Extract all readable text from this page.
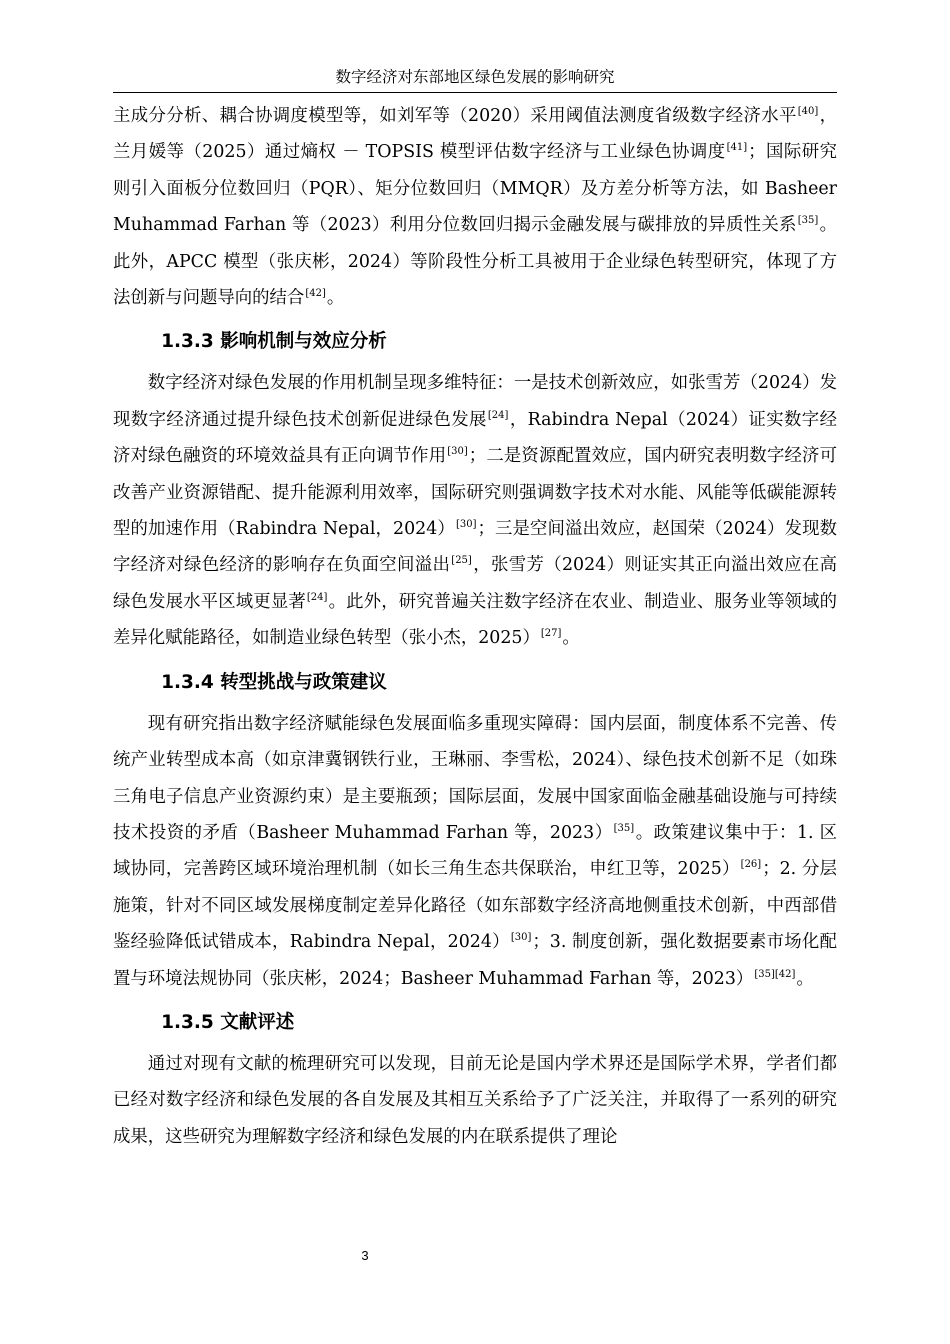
数字经济对东部地区绿色发展的影响研究

主成分分析、耦合协调度模型等，如刘军等（2020）采用阈值法测度省级数字经济水平[40]，兰月媛等（2025）通过熵权 － TOPSIS 模型评估数字经济与工业绿色协调度[41]；国际研究则引入面板分位数回归（PQR）、矩分位数回归（MMQR）及方差分析等方法，如 Basheer Muhammad Farhan 等（2023）利用分位数回归揭示金融发展与碳排放的异质性关系[35]。此外，APCC 模型（张庆彬，2024）等阶段性分析工具被用于企业绿色转型研究，体现了方法创新与问题导向的结合[42]。

1.3.3 影响机制与效应分析

数字经济对绿色发展的作用机制呈现多维特征：一是技术创新效应，如张雪芳（2024）发现数字经济通过提升绿色技术创新促进绿色发展[24]，Rabindra Nepal（2024）证实数字经济对绿色融资的环境效益具有正向调节作用[30]；二是资源配置效应，国内研究表明数字经济可改善产业资源错配、提升能源利用效率，国际研究则强调数字技术对水能、风能等低碳能源转型的加速作用（Rabindra Nepal，2024）[30]；三是空间溢出效应，赵国荣（2024）发现数字经济对绿色经济的影响存在负面空间溢出[25]，张雪芳（2024）则证实其正向溢出效应在高绿色发展水平区域更显著[24]。此外，研究普遍关注数字经济在农业、制造业、服务业等领域的差异化赋能路径，如制造业绿色转型（张小杰，2025）[27]。

1.3.4 转型挑战与政策建议

现有研究指出数字经济赋能绿色发展面临多重现实障碍：国内层面，制度体系不完善、传统产业转型成本高（如京津冀钢铁行业，王琳丽、李雪松，2024）、绿色技术创新不足（如珠三角电子信息产业资源约束）是主要瓶颈；国际层面，发展中国家面临金融基础设施与可持续技术投资的矛盾（Basheer Muhammad Farhan 等，2023）[35]。政策建议集中于：1. 区域协同，完善跨区域环境治理机制（如长三角生态共保联治，申红卫等，2025）[26]；2. 分层施策，针对不同区域发展梯度制定差异化路径（如东部数字经济高地侧重技术创新，中西部借鉴经验降低试错成本，Rabindra Nepal，2024）[30]；3. 制度创新，强化数据要素市场化配置与环境法规协同（张庆彬，2024；Basheer Muhammad Farhan 等，2023）[35][42]。

1.3.5 文献评述

通过对现有文献的梳理研究可以发现，目前无论是国内学术界还是国际学术界，学者们都已经对数字经济和绿色发展的各自发展及其相互关系给予了广泛关注，并取得了一系列的研究成果，这些研究为理解数字经济和绿色发展的内在联系提供了理论

3
